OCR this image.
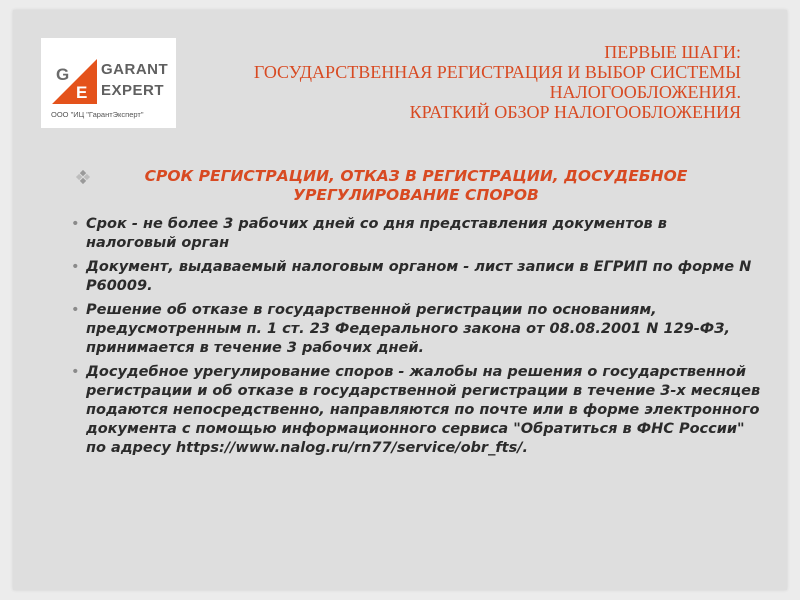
G
E
GARANT
EXPERT
ООО "ИЦ "ГарантЭксперт"
ПЕРВЫЕ ШАГИ:
ГОСУДАРСТВЕННАЯ РЕГИСТРАЦИЯ И ВЫБОР СИСТЕМЫ
НАЛОГООБЛОЖЕНИЯ.
КРАТКИЙ ОБЗОР НАЛОГООБЛОЖЕНИЯ
СРОК РЕГИСТРАЦИИ, ОТКАЗ В РЕГИСТРАЦИИ, ДОСУДЕБНОЕ УРЕГУЛИРОВАНИЕ СПОРОВ
• Срок - не более 3 рабочих дней со дня представления документов в налоговый орган
• Документ, выдаваемый налоговым органом - лист записи в ЕГРИП по форме N Р60009.
• Решение об отказе в государственной регистрации по основаниям, предусмотренным п. 1 ст. 23 Федерального закона от 08.08.2001 N 129-ФЗ, принимается в течение 3 рабочих дней.
• Досудебное урегулирование споров - жалобы на решения о государственной регистрации и об отказе в государственной регистрации в течение 3-х месяцев подаются непосредственно, направляются по почте или в форме электронного документа с помощью информационного сервиса "Обратиться в ФНС России" по адресу https://www.nalog.ru/rn77/service/obr_fts/.
